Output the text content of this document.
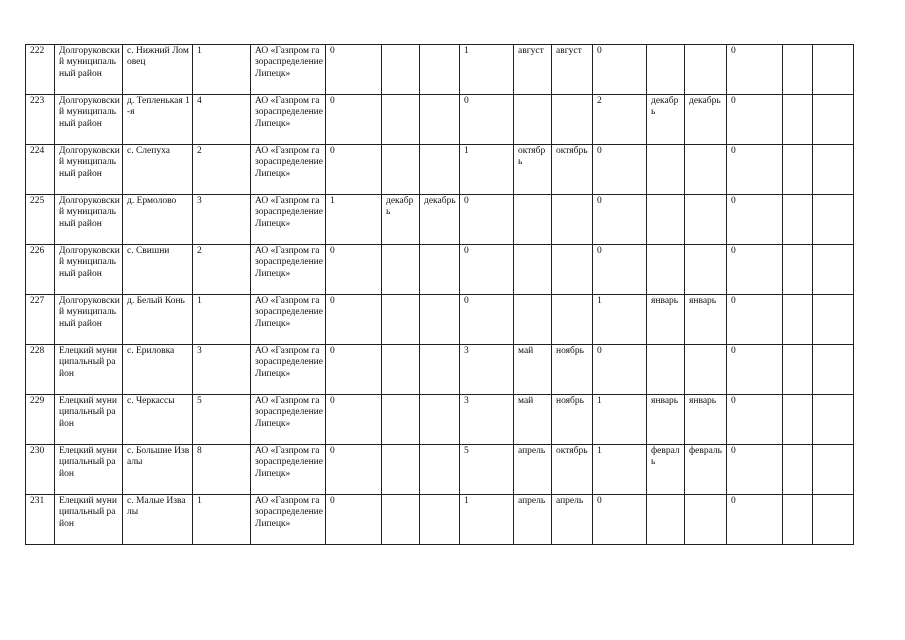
222	Долгоруковский муниципальный район	с. Нижний Ломовец	1	АО «Газпром газораспределение Липецк»	0			1	август	август	0			0		
223	Долгоруковский муниципальный район	д. Тепленькая 1-я	4	АО «Газпром газораспределение Липецк»	0			0			2	декабрь	декабрь	0		
224	Долгоруковский муниципальный район	с. Слепуха	2	АО «Газпром газораспределение Липецк»	0			1	октябрь	октябрь	0			0		
225	Долгоруковский муниципальный район	д. Ермолово	3	АО «Газпром газораспределение Липецк»	1	декабрь	декабрь	0			0			0		
226	Долгоруковский муниципальный район	с. Свишни	2	АО «Газпром газораспределение Липецк»	0			0			0			0		
227	Долгоруковский муниципальный район	д. Белый Конь	1	АО «Газпром газораспределение Липецк»	0			0			1	январь	январь	0		
228	Елецкий муниципальный район	с. Ериловка	3	АО «Газпром газораспределение Липецк»	0			3	май	ноябрь	0			0		
229	Елецкий муниципальный район	с. Черкассы	5	АО «Газпром газораспределение Липецк»	0			3	май	ноябрь	1	январь	январь	0		
230	Елецкий муниципальный район	с. Большие Извалы	8	АО «Газпром газораспределение Липецк»	0			5	апрель	октябрь	1	февраль	февраль	0		
231	Елецкий муниципальный район	с. Малые Извалы	1	АО «Газпром газораспределение Липецк»	0			1	апрель	апрель	0			0		
